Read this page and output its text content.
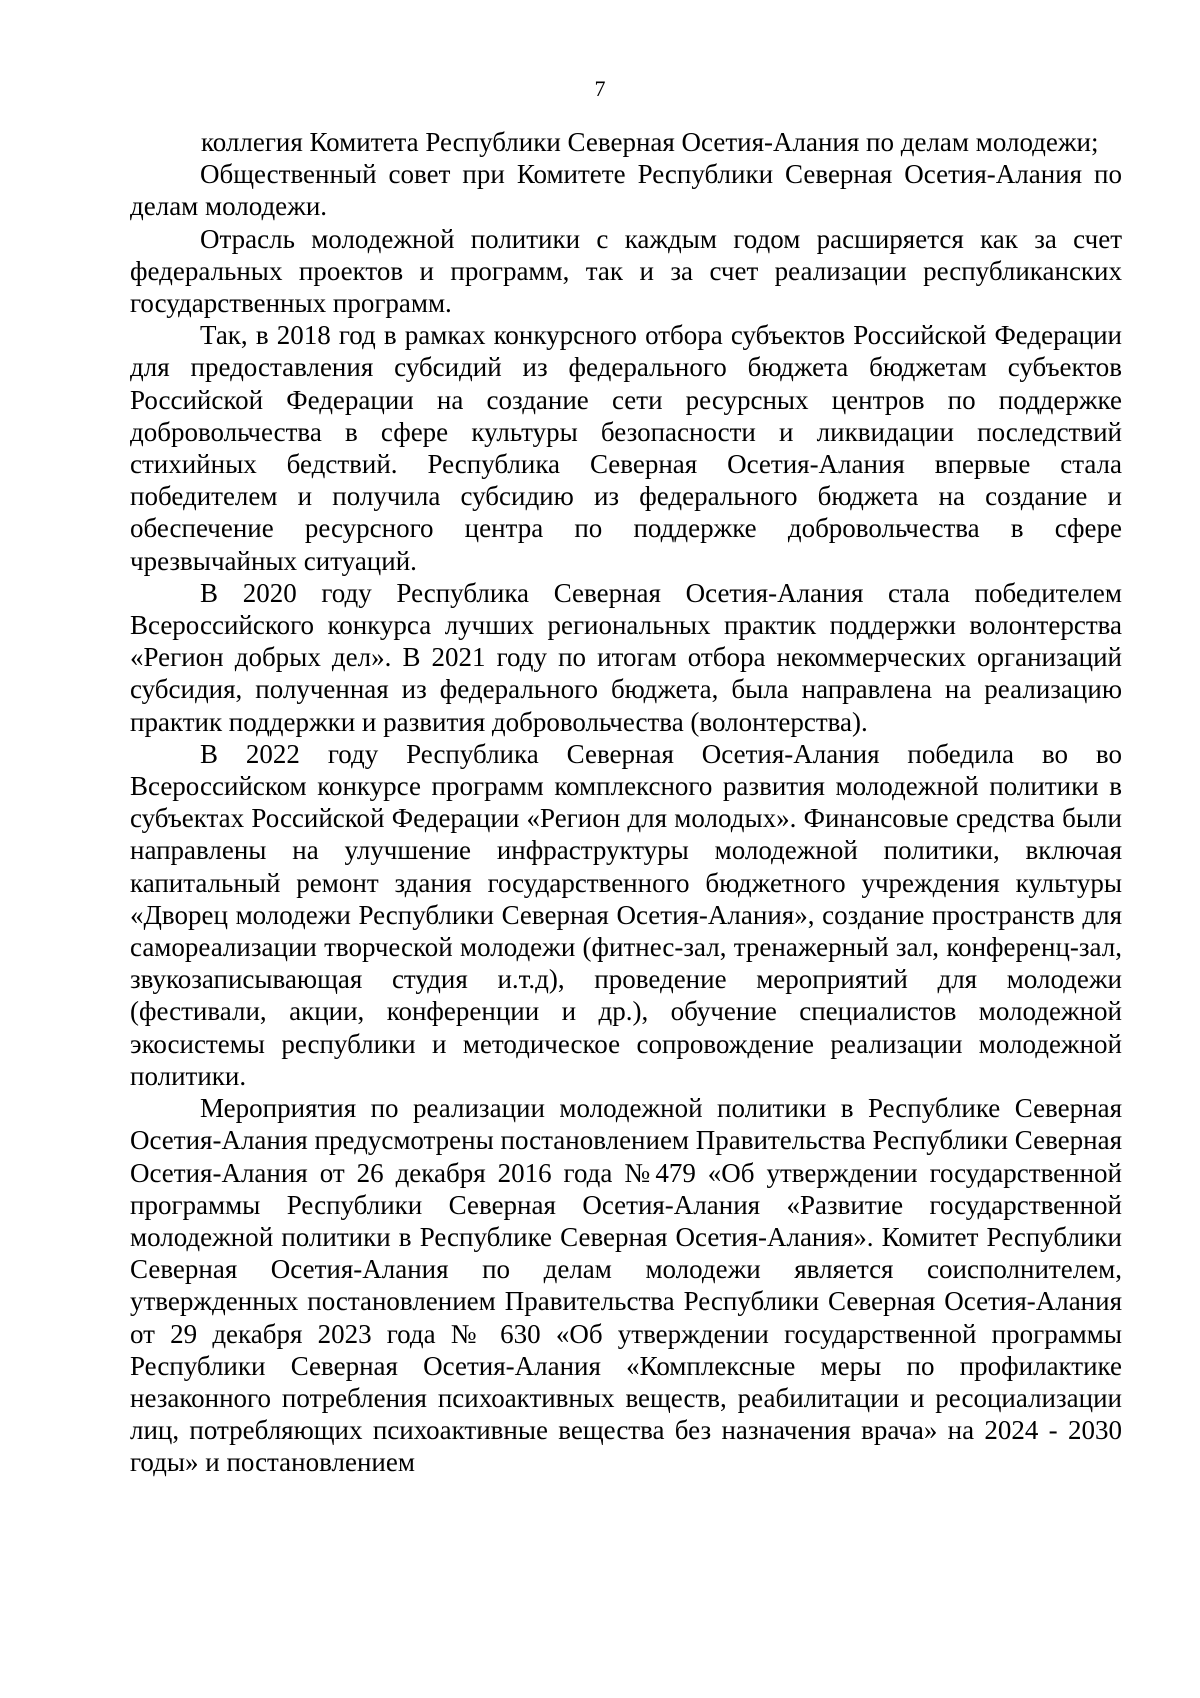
7

коллегия Комитета Республики Северная Осетия-Алания по делам молодежи;

Общественный совет при Комитете Республики Северная Осетия-Алания по делам молодежи.

Отрасль молодежной политики с каждым годом расширяется как за счет федеральных проектов и программ, так и за счет реализации республиканских государственных программ.

Так, в 2018 год в рамках конкурсного отбора субъектов Российской Федерации для предоставления субсидий из федерального бюджета бюджетам субъектов Российской Федерации на создание сети ресурсных центров по поддержке добровольчества в сфере культуры безопасности и ликвидации последствий стихийных бедствий. Республика Северная Осетия-Алания впервые стала победителем и получила субсидию из федерального бюджета на создание и обеспечение ресурсного центра по поддержке добровольчества в сфере чрезвычайных ситуаций.

В 2020 году Республика Северная Осетия-Алания стала победителем Всероссийского конкурса лучших региональных практик поддержки волонтерства «Регион добрых дел». В 2021 году по итогам отбора некоммерческих организаций субсидия, полученная из федерального бюджета, была направлена на реализацию практик поддержки и развития добровольчества (волонтерства).

В 2022 году Республика Северная Осетия-Алания победила во во Всероссийском конкурсе программ комплексного развития молодежной политики в субъектах Российской Федерации «Регион для молодых». Финансовые средства были направлены на улучшение инфраструктуры молодежной политики, включая капитальный ремонт здания государственного бюджетного учреждения культуры «Дворец молодежи Республики Северная Осетия-Алания», создание пространств для самореализации творческой молодежи (фитнес-зал, тренажерный зал, конференц-зал, звукозаписывающая студия и.т.д), проведение мероприятий для молодежи (фестивали, акции, конференции и др.), обучение специалистов молодежной экосистемы республики и методическое сопровождение реализации молодежной политики.

Мероприятия по реализации молодежной политики в Республике Северная Осетия-Алания предусмотрены постановлением Правительства Республики Северная Осетия-Алания от 26 декабря 2016 года №479 «Об утверждении государственной программы Республики Северная Осетия-Алания «Развитие государственной молодежной политики в Республике Северная Осетия-Алания». Комитет Республики Северная Осетия-Алания по делам молодежи является соисполнителем, утвержденных постановлением Правительства Республики Северная Осетия-Алания от 29 декабря 2023 года № 630 «Об утверждении государственной программы Республики Северная Осетия-Алания «Комплексные меры по профилактике незаконного потребления психоактивных веществ, реабилитации и ресоциализации лиц, потребляющих психоактивные вещества без назначения врача» на 2024 - 2030 годы» и постановлением
